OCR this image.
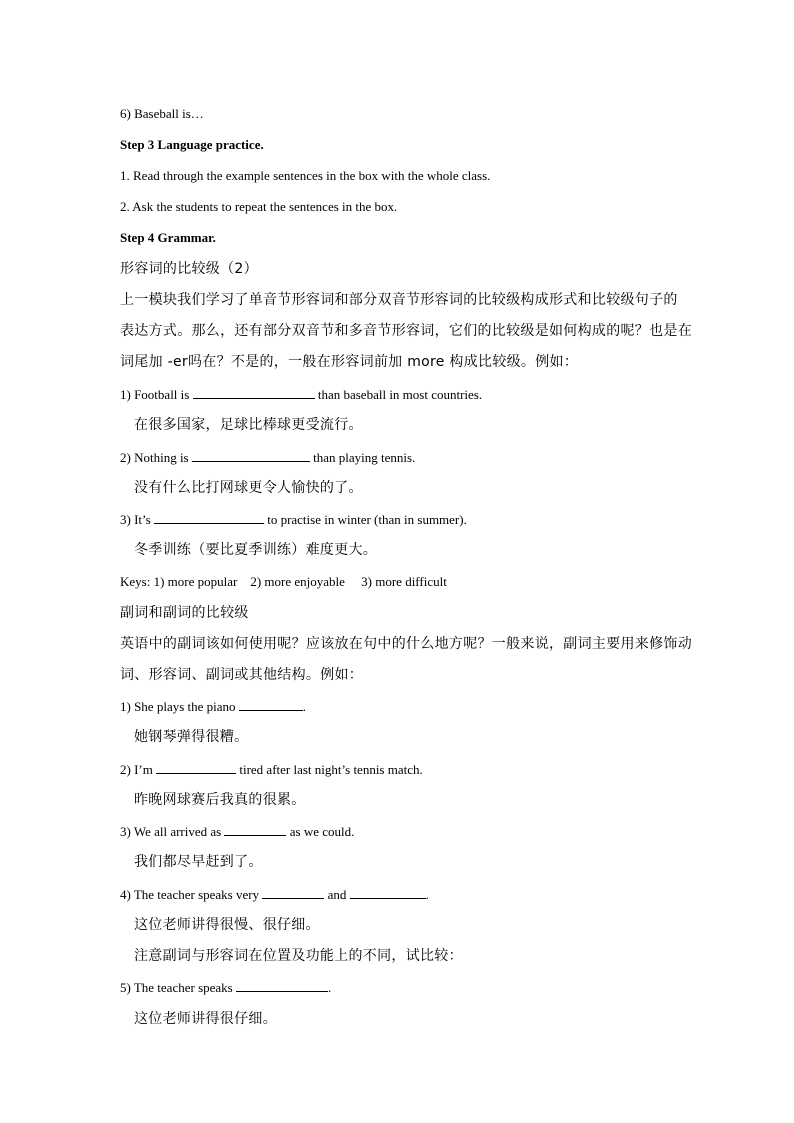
6) Baseball is…
Step 3 Language practice.
1. Read through the example sentences in the box with the whole class.
2. Ask the students to repeat the sentences in the box.
Step 4 Grammar.
形容词的比较级（2）
上一模块我们学习了单音节形容词和部分双音节形容词的比较级构成形式和比较级句子的
表达方式。那么，还有部分双音节和多音节形容词，它们的比较级是如何构成的呢？也是在
词尾加 -er吗在？不是的，一般在形容词前加 more 构成比较级。例如：
1) Football is	than baseball in most countries.
在很多国家，足球比棒球更受流行。
2) Nothing is	than playing tennis.
没有什么比打网球更令人愉快的了。
3) It’s	to practise in winter (than in summer).
冬季训练（要比夏季训练）难度更大。
Keys: 1) more popular    2) more enjoyable     3) more difficult
副词和副词的比较级
英语中的副词该如何使用呢？应该放在句中的什么地方呢？一般来说，副词主要用来修饰动
词、形容词、副词或其他结构。例如：
1) She plays the piano	.
她钢琴弹得很糟。
2) I’m	tired after last night’s tennis match.
昨晚网球赛后我真的很累。
3) We all arrived as	as we could.
我们都尽早赶到了。
4) The teacher speaks very	and	.
这位老师讲得很慢、很仔细。
注意副词与形容词在位置及功能上的不同，试比较：
5) The teacher speaks	.
这位老师讲得很仔细。
